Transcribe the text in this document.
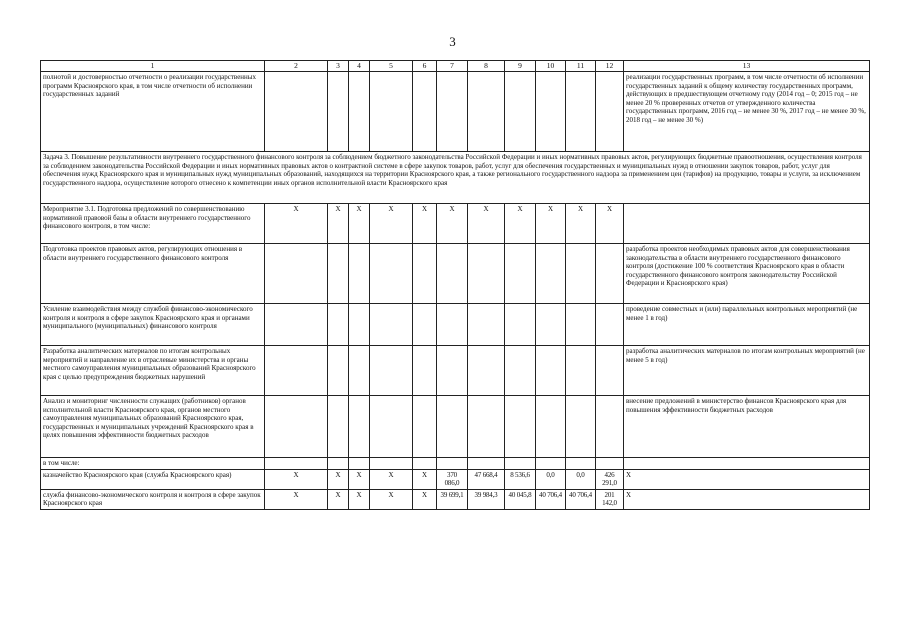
3
1	2	3	4	5	6	7	8	9	10	11	12	13
полнотой и достоверностью отчетности о реализации государственных программ Красноярского края, в том числе отчетности об исполнении государственных заданий												реализации государственных программ, в том числе отчетности об исполнении государственных заданий к общему количеству государственных программ, действующих в предшествующем отчетному году (2014 год – 0; 2015 год – не менее 20 % проверенных отчетов от утвержденного количества государственных программ, 2016 год – не менее 30 %, 2017 год – не менее 30 %, 2018 год – не менее 30 %)
Задача 3. Повышение результативности внутреннего государственного финансового контроля за соблюдением бюджетного законодательства Российской Федерации и иных нормативных правовых актов, регулирующих бюджетные правоотношения, осуществления контроля за соблюдением законодательства Российской Федерации и иных нормативных правовых актов о контрактной системе в сфере закупок товаров, работ, услуг для обеспечения государственных и муниципальных нужд в отношении закупок товаров, работ, услуг для обеспечения нужд Красноярского края и муниципальных нужд муниципальных образований, находящихся на территории Красноярского края, а также регионального государственного надзора за применением цен (тарифов) на продукцию, товары и услуги, за исключением государственного надзора, осуществление которого отнесено к компетенции иных органов исполнительной власти Красноярского края												
Мероприятие 3.1. Подготовка предложений по совершенствованию нормативной правовой базы в области внутреннего государственного финансового контроля, в том числе:	Х	Х	Х	Х	Х	Х	Х	Х	Х	Х	Х	
Подготовка проектов правовых актов, регулирующих отношения в области внутреннего государственного финансового контроля												разработка проектов необходимых правовых актов для совершенствования законодательства в области внутреннего государственного финансового контроля (достижение 100 % соответствия Красноярского края в области государственного финансового контроля законодательству Российской Федерации и Красноярского края)
Усиление взаимодействия между службой финансово-экономического контроля и контроля в сфере закупок Красноярского края и органами муниципального (муниципальных) финансового контроля												проведение совместных и (или) параллельных контрольных мероприятий (не менее 1 в год)
Разработка аналитических материалов по итогам контрольных мероприятий и направление их в отраслевые министерства и органы местного самоуправления муниципальных образований Красноярского края с целью предупреждения бюджетных нарушений												разработка аналитических материалов по итогам контрольных мероприятий (не менее 5 в год)
Анализ и мониторинг численности служащих (работников) органов исполнительной власти Красноярского края, органов местного самоуправления муниципальных образований Красноярского края, государственных и муниципальных учреждений Красноярского края в целях повышения эффективности бюджетных расходов												внесение предложений в министерство финансов Красноярского края для повышения эффективности бюджетных расходов
в том числе:												
казначейство Красноярского края (служба Красноярского края)	Х	Х	Х	Х	Х	370 086,0	47 668,4	8 536,6	0,0	0,0	426 291,0	Х
служба финансово-экономического контроля и контроля в сфере закупок Красноярского края	Х	Х	Х	Х	Х	39 699,1	39 984,3	40 045,8	40 706,4	40 706,4	201 142,0	Х
